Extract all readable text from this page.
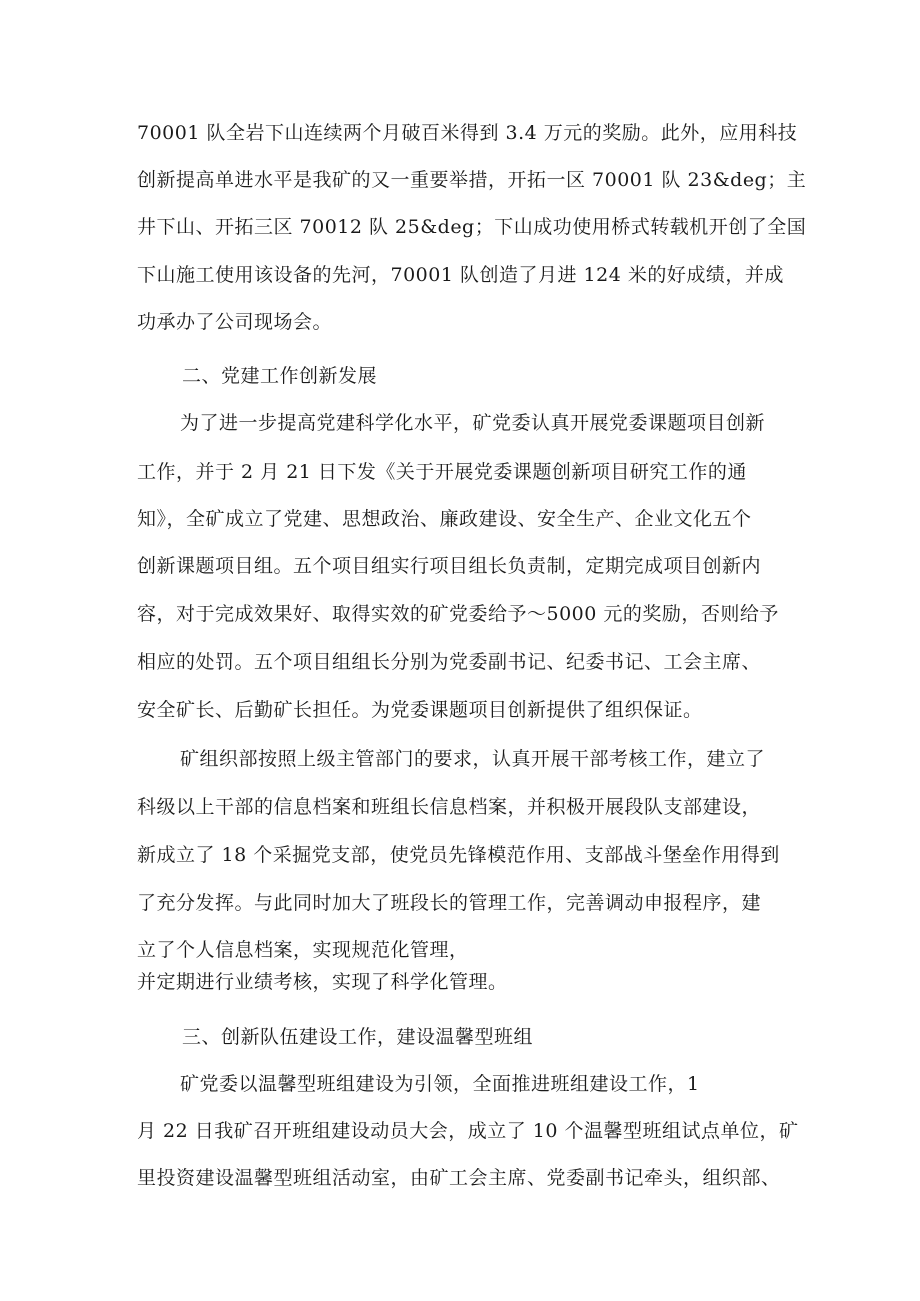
70001 队全岩下山连续两个月破百米得到 3.4 万元的奖励。此外，应用科技
创新提高单进水平是我矿的又一重要举措，开拓一区 70001 队 23&deg；主
井下山、开拓三区 70012 队 25&deg；下山成功使用桥式转载机开创了全国
下山施工使用该设备的先河，70001 队创造了月进 124 米的好成绩，并成
功承办了公司现场会。
二、党建工作创新发展
为了进一步提高党建科学化水平，矿党委认真开展党委课题项目创新
工作，并于 2 月 21 日下发《关于开展党委课题创新项目研究工作的通
知》，全矿成立了党建、思想政治、廉政建设、安全生产、企业文化五个
创新课题项目组。五个项目组实行项目组长负责制，定期完成项目创新内
容，对于完成效果好、取得实效的矿党委给予～5000 元的奖励，否则给予
相应的处罚。五个项目组组长分别为党委副书记、纪委书记、工会主席、
安全矿长、后勤矿长担任。为党委课题项目创新提供了组织保证。
矿组织部按照上级主管部门的要求，认真开展干部考核工作，建立了
科级以上干部的信息档案和班组长信息档案，并积极开展段队支部建设，
新成立了 18 个采掘党支部，使党员先锋模范作用、支部战斗堡垒作用得到
了充分发挥。与此同时加大了班段长的管理工作，完善调动申报程序，建
立了个人信息档案，实现规范化管理，
并定期进行业绩考核，实现了科学化管理。
三、创新队伍建设工作，建设温馨型班组
矿党委以温馨型班组建设为引领，全面推进班组建设工作，1
月 22 日我矿召开班组建设动员大会，成立了 10 个温馨型班组试点单位，矿
里投资建设温馨型班组活动室，由矿工会主席、党委副书记牵头，组织部、
